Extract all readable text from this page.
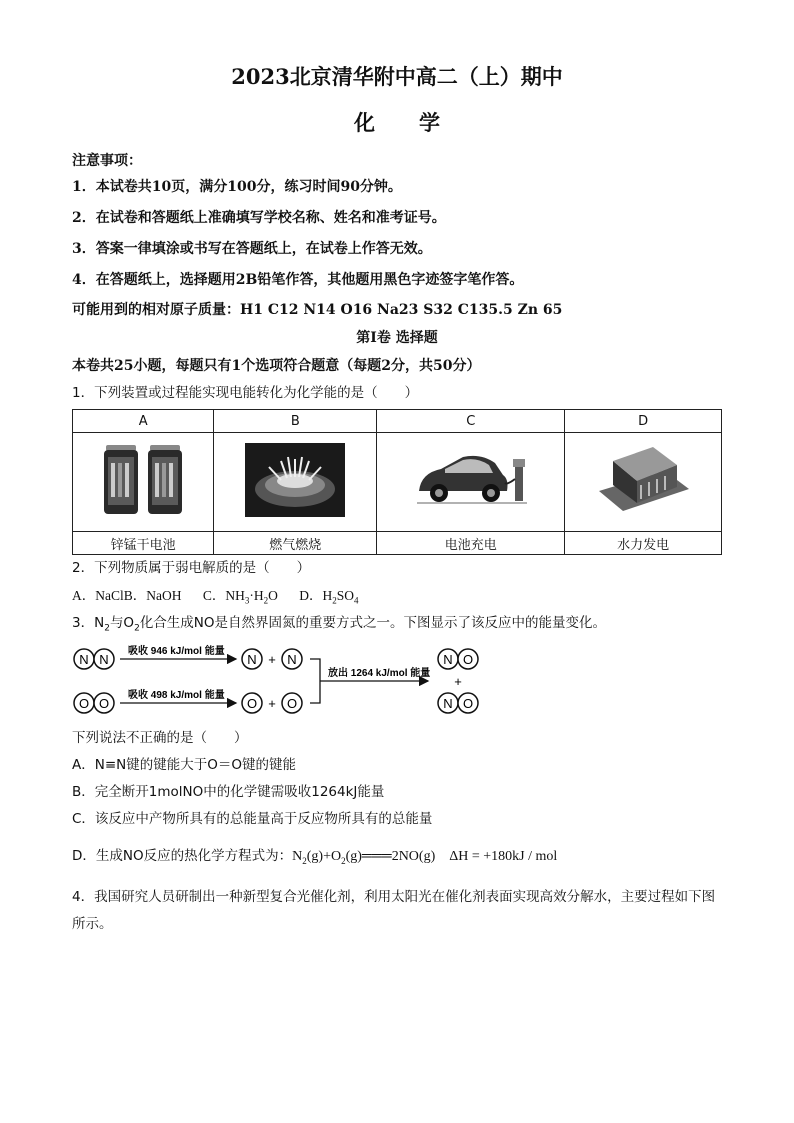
2023北京清华附中高二（上）期中
化 学
注意事项：
1．本试卷共10页，满分100分，练习时间90分钟。
2．在试卷和答题纸上准确填写学校名称、姓名和准考证号。
3．答案一律填涂或书写在答题纸上，在试卷上作答无效。
4．在答题纸上，选择题用2B铅笔作答，其他题用黑色字迹签字笔作答。
可能用到的相对原子质量：H1 C12 N14 O16 Na23 S32 C135.5 Zn 65
第Ⅰ卷 选择题
本卷共25小题，每题只有1个选项符合题意（每题2分，共50分）
1．下列装置或过程能实现电能转化为化学能的是（　　）
A	B	C	D

锌锰干电池	燃气燃烧	电池充电	水力发电
2．下列物质属于弱电解质的是（　　）
A．NaClB．NaOH C．$NH_3\cdot H_2O$ D．$H_2SO_4$
3．$N_2$与$O_2$化合生成NO是自然界固氮的重要方式之一。下图显示了该反应中的能量变化。
N N
吸收 946 kJ/mol 能量
N + N
O O
吸收 498 kJ/mol 能量
O + O
放出 1264 kJ/mol 能量
N O
+
N O
下列说法不正确的是（　　）
A．N≡N键的键能大于O＝O键的键能
B．完全断开1molNO中的化学键需吸收1264kJ能量
C．该反应中产物所具有的总能量高于反应物所具有的总能量
D．生成NO反应的热化学方程式为：$N_2(g)+O_2(g)═══2NO(g) \Delta H = +180kJ$ / mol
4．我国研究人员研制出一种新型复合光催化剂，利用太阳光在催化剂表面实现高效分解水，主要过程如下图所示。
